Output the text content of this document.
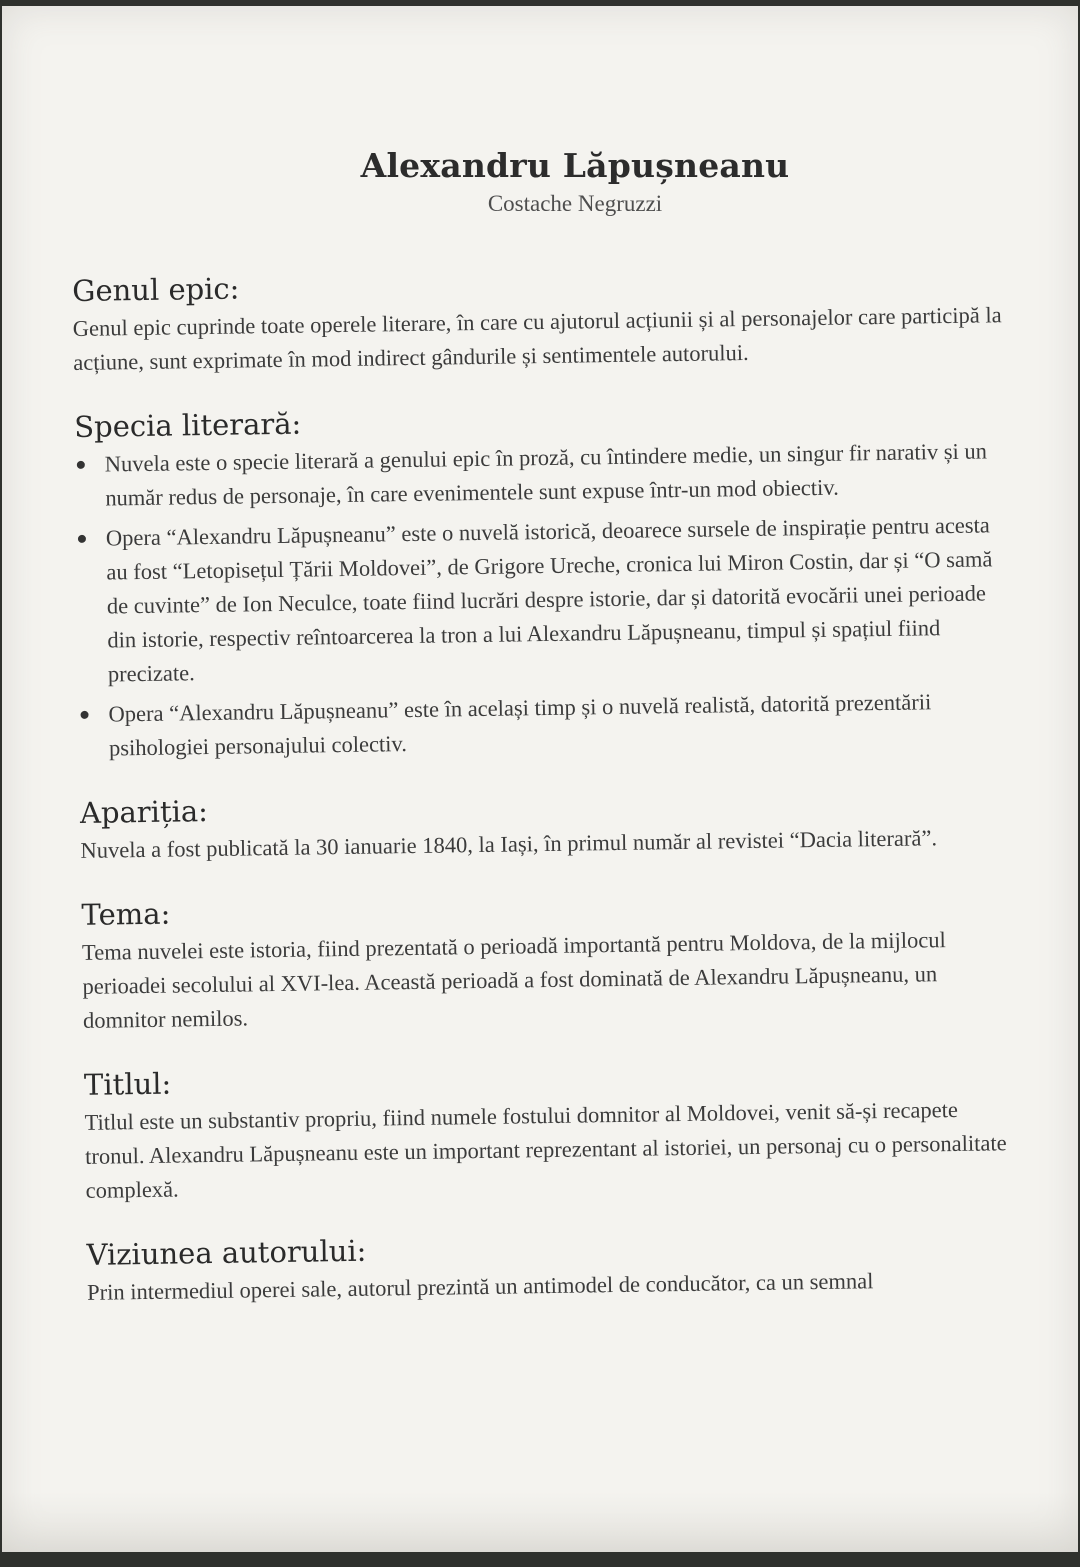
Alexandru Lăpușneanu
Costache Negruzzi
Genul epic:

Genul epic cuprinde toate operele literare, în care cu ajutorul acțiunii și al personajelor care participă la acțiune, sunt exprimate în mod indirect gândurile și sentimentele autorului.

Specia literară:
Nuvela este o specie literară a genului epic în proză, cu întindere medie, un singur fir narativ și un număr redus de personaje, în care evenimentele sunt expuse într-un mod obiectiv.
Opera “Alexandru Lăpușneanu” este o nuvelă istorică, deoarece sursele de inspirație pentru acesta au fost “Letopisețul Țării Moldovei”, de Grigore Ureche, cronica lui Miron Costin, dar și “O samă de cuvinte” de Ion Neculce, toate fiind lucrări despre istorie, dar și datorită evocării unei perioade din istorie, respectiv reîntoarcerea la tron a lui Alexandru Lăpușneanu, timpul și spațiul fiind precizate.
Opera “Alexandru Lăpușneanu” este în același timp și o nuvelă realistă, datorită prezentării psihologiei personajului colectiv.
Apariția:

Nuvela a fost publicată la 30 ianuarie 1840, la Iași, în primul număr al revistei “Dacia literară”.

Tema:

Tema nuvelei este istoria, fiind prezentată o perioadă importantă pentru Moldova, de la mijlocul perioadei secolului al XVI-lea. Această perioadă a fost dominată de Alexandru Lăpușneanu, un domnitor nemilos.

Titlul:

Titlul este un substantiv propriu, fiind numele fostului domnitor al Moldovei, venit să-și recapete tronul. Alexandru Lăpușneanu este un important reprezentant al istoriei, un personaj cu o personalitate complexă.

Viziunea autorului:

Prin intermediul operei sale, autorul prezintă un antimodel de conducător, ca un semnal
